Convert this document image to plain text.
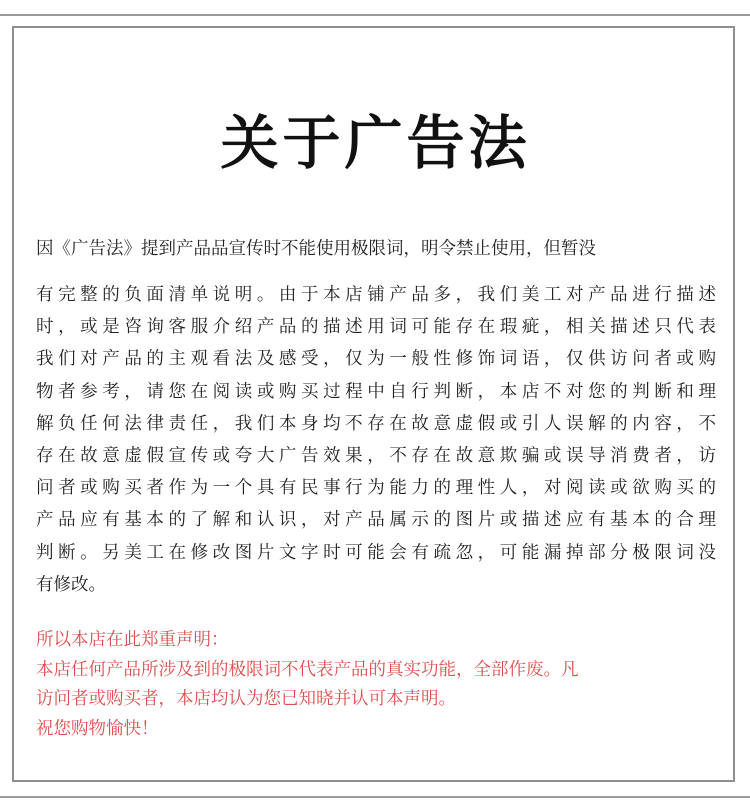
关于广告法
因《广告法》提到产品品宣传时不能使用极限词，明令禁止使用，但暂没
有完整的负面清单说明。由于本店铺产品多，我们美工对产品进行描述
时，或是咨询客服介绍产品的描述用词可能存在瑕疵，相关描述只代表
我们对产品的主观看法及感受，仅为一般性修饰词语，仅供访问者或购
物者参考，请您在阅读或购买过程中自行判断，本店不对您的判断和理
解负任何法律责任，我们本身均不存在故意虚假或引人误解的内容，不
存在故意虚假宣传或夸大广告效果，不存在故意欺骗或误导消费者，访
问者或购买者作为一个具有民事行为能力的理性人，对阅读或欲购买的
产品应有基本的了解和认识，对产品属示的图片或描述应有基本的合理
判断。另美工在修改图片文字时可能会有疏忽，可能漏掉部分极限词没
有修改。
所以本店在此郑重声明：
本店任何产品所涉及到的极限词不代表产品的真实功能，全部作废。凡
访问者或购买者，本店均认为您已知晓并认可本声明。
祝您购物愉快！
